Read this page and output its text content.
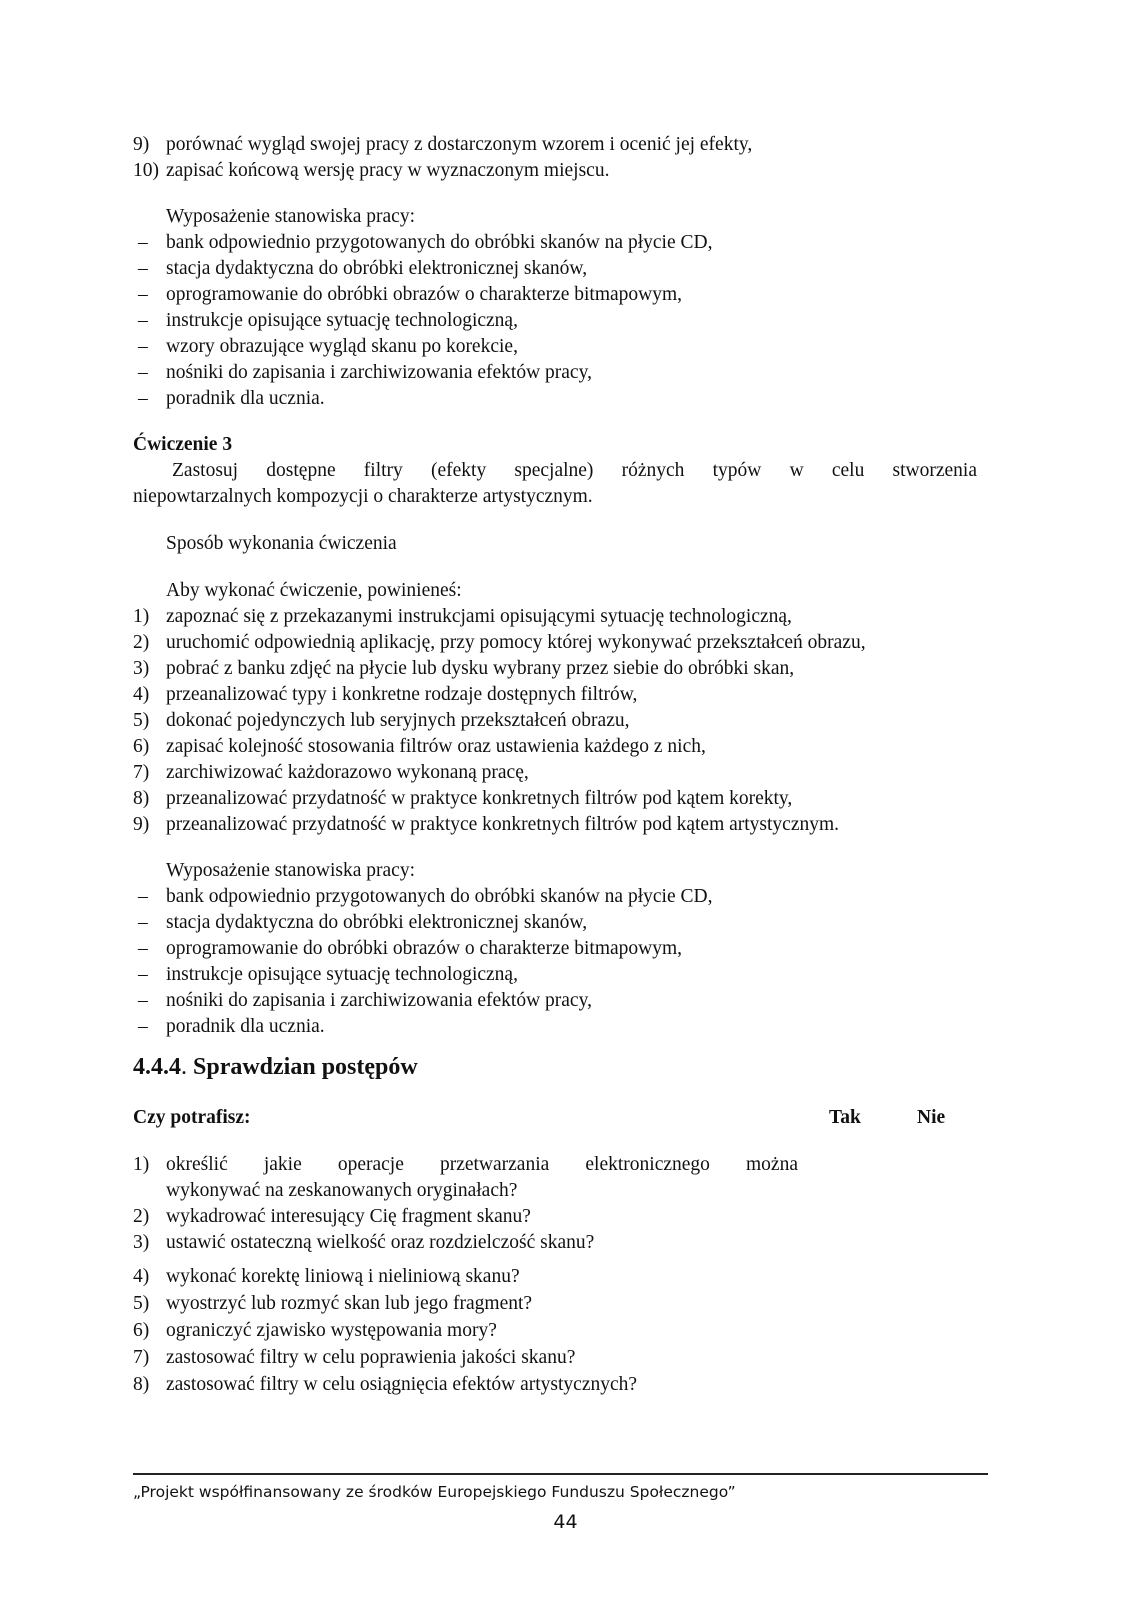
9) porównać wygląd swojej pracy z dostarczonym wzorem i ocenić jej efekty,
10) zapisać końcową wersję pracy w wyznaczonym miejscu.
Wyposażenie stanowiska pracy:
– bank odpowiednio przygotowanych do obróbki skanów na płycie CD,
– stacja dydaktyczna do obróbki elektronicznej skanów,
– oprogramowanie do obróbki obrazów o charakterze bitmapowym,
– instrukcje opisujące sytuację technologiczną,
– wzory obrazujące wygląd skanu po korekcie,
– nośniki do zapisania i zarchiwizowania efektów pracy,
– poradnik dla ucznia.
Ćwiczenie 3
Zastosuj dostępne filtry (efekty specjalne) różnych typów w celu stworzenia
niepowtarzalnych kompozycji o charakterze artystycznym.
Sposób wykonania ćwiczenia
Aby wykonać ćwiczenie, powinieneś:
1) zapoznać się z przekazanymi instrukcjami opisującymi sytuację technologiczną,
2) uruchomić odpowiednią aplikację, przy pomocy której wykonywać przekształceń obrazu,
3) pobrać z banku zdjęć na płycie lub dysku wybrany przez siebie do obróbki skan,
4) przeanalizować typy i konkretne rodzaje dostępnych filtrów,
5) dokonać pojedynczych lub seryjnych przekształceń obrazu,
6) zapisać kolejność stosowania filtrów oraz ustawienia każdego z nich,
7) zarchiwizować każdorazowo wykonaną pracę,
8) przeanalizować przydatność w praktyce konkretnych filtrów pod kątem korekty,
9) przeanalizować przydatność w praktyce konkretnych filtrów pod kątem artystycznym.
Wyposażenie stanowiska pracy:
– bank odpowiednio przygotowanych do obróbki skanów na płycie CD,
– stacja dydaktyczna do obróbki elektronicznej skanów,
– oprogramowanie do obróbki obrazów o charakterze bitmapowym,
– instrukcje opisujące sytuację technologiczną,
– nośniki do zapisania i zarchiwizowania efektów pracy,
– poradnik dla ucznia.
4.4.4. Sprawdzian postępów
Czy potrafisz:	Tak	Nie
1) określić jakie operacje przetwarzania elektronicznego można
wykonywać na zeskanowanych oryginałach?
2) wykadrować interesujący Cię fragment skanu?
3) ustawić ostateczną wielkość oraz rozdzielczość skanu?
4) wykonać korektę liniową i nieliniową skanu?
5) wyostrzyć lub rozmyć skan lub jego fragment?
6) ograniczyć zjawisko występowania mory?
7) zastosować filtry w celu poprawienia jakości skanu?
8) zastosować filtry w celu osiągnięcia efektów artystycznych?
„Projekt współfinansowany ze środków Europejskiego Funduszu Społecznego”
44
